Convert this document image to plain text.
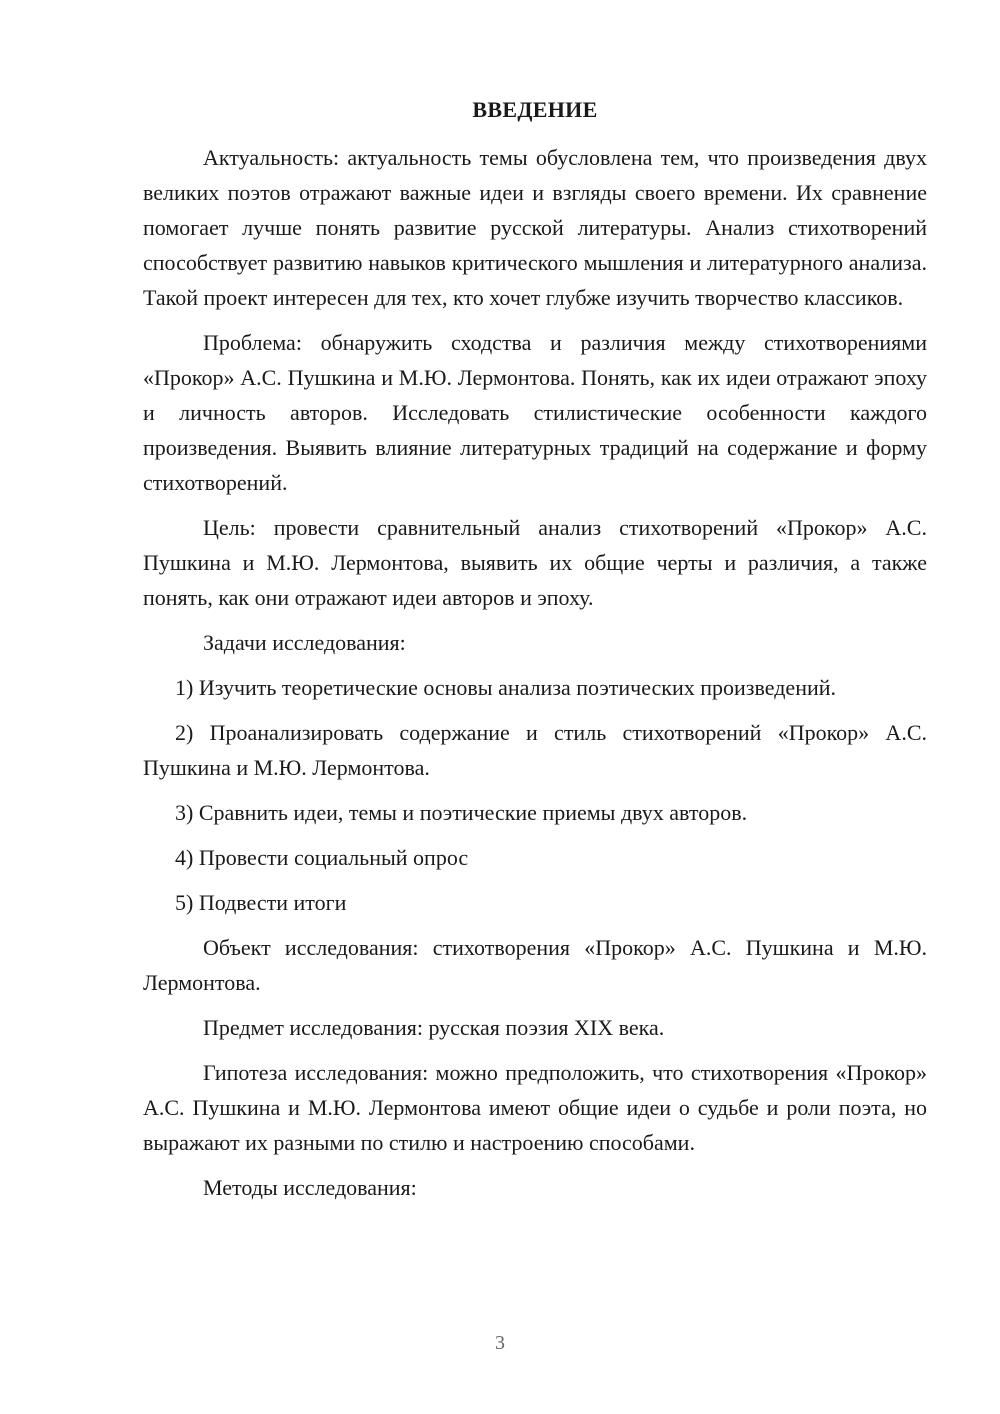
ВВЕДЕНИЕ

Актуальность: актуальность темы обусловлена тем, что произведения двух великих поэтов отражают важные идеи и взгляды своего времени. Их сравнение помогает лучше понять развитие русской литературы. Анализ стихотворений способствует развитию навыков критического мышления и литературного анализа. Такой проект интересен для тех, кто хочет глубже изучить творчество классиков.

Проблема: обнаружить сходства и различия между стихотворениями «Прокор» А.С. Пушкина и М.Ю. Лермонтова. Понять, как их идеи отражают эпоху и личность авторов. Исследовать стилистические особенности каждого произведения. Выявить влияние литературных традиций на содержание и форму стихотворений.

Цель: провести сравнительный анализ стихотворений «Прокор» А.С. Пушкина и М.Ю. Лермонтова, выявить их общие черты и различия, а также понять, как они отражают идеи авторов и эпоху.

Задачи исследования:

1) Изучить теоретические основы анализа поэтических произведений.

2) Проанализировать содержание и стиль стихотворений «Прокор» А.С. Пушкина и М.Ю. Лермонтова.

3) Сравнить идеи, темы и поэтические приемы двух авторов.

4) Провести социальный опрос

5) Подвести итоги

Объект исследования: стихотворения «Прокор» А.С. Пушкина и М.Ю. Лермонтова.

Предмет исследования: русская поэзия XIX века.

Гипотеза исследования: можно предположить, что стихотворения «Прокор» А.С. Пушкина и М.Ю. Лермонтова имеют общие идеи о судьбе и роли поэта, но выражают их разными по стилю и настроению способами.

Методы исследования:

3
